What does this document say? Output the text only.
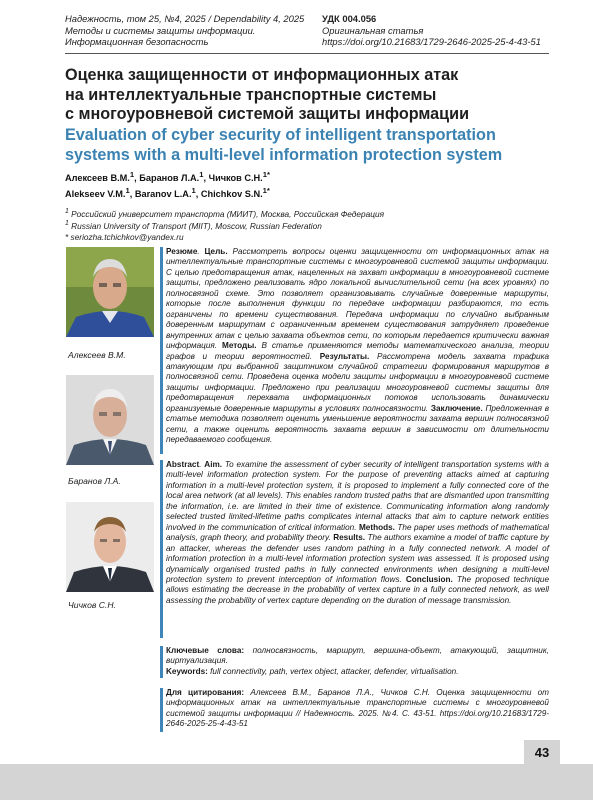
Надежность, том 25, №4, 2025 / Dependability 4, 2025
Методы и системы защиты информации.
Информационная безопасность
УДК 004.056
Оригинальная статья
https://doi.org/10.21683/1729-2646-2025-25-4-43-51
Оценка защищенности от информационных атак
на интеллектуальные транспортные системы
с многоуровневой системой защиты информации
Evaluation of cyber security of intelligent transportation
systems with a multi-level information protection system
Алексеев В.М.$^1$, Баранов Л.А.$^1$, Чичков С.Н.$^{1*}$
Alekseev V.M.$^1$, Baranov L.A.$^1$, Chichkov S.N.$^{1*}$
$^1$ Российский университет транспорта (МИИТ), Москва, Российская Федерация
$^1$ Russian University of Transport (MIIT), Moscow, Russian Federation
* seriozha.tchichkov@yandex.ru
Алексеев В.М.
Баранов Л.А.
Чичков С.Н.
Резюме. Цель. Рассмотреть вопросы оценки защищенности от информационных атак на интеллектуальные транспортные системы с многоуровневой системой защиты информации. С целью предотвращения атак, нацеленных на захват информации в многоуровневой системе защиты, предложено реализовать ядро локальной вычислительной сети (на всех уровнях) по полносвязной схеме. Это позволяет организовывать случайные доверенные маршруты, которые после выполнения функции по передаче информации разбираются, то есть ограничены по времени существования. Передача информации по случайно выбранным доверенным маршрутам с ограниченным временем существования затрудняет проведение внутренних атак с целью захвата объектов сети, по которым передается критически важная информация. Методы. В статье применяются методы математического анализа, теории графов и теории вероятностей. Результаты. Рассмотрена модель захвата трафика атакующим при выбранной защитником случайной стратегии формирования маршрутов в полносвязной сети. Проведена оценка модели защиты информации в многоуровневой системе защиты информации. Предложено при реализации многоуровневой системы защиты для предотвращения перехвата информационных потоков использовать динамически организуемые доверенные маршруты в условиях полносвязности. Заключение. Предложенная в статье методика позволяет оценить уменьшение вероятности захвата вершин полносвязной сети, а также оценить вероятность захвата вершин в зависимости от длительности передаваемого сообщения.
Abstract. Aim. To examine the assessment of cyber security of intelligent transportation systems with a multi-level information protection system. For the purpose of preventing attacks aimed at capturing information in a multi-level protection system, it is proposed to implement a fully connected core of the local area network (at all levels). This enables random trusted paths that are dismantled upon transmitting the information, i.e. are limited in their time of existence. Communicating information along randomly selected trusted limited-lifetime paths complicates internal attacks that aim to capture network entities involved in the communication of critical information. Methods. The paper uses methods of mathematical analysis, graph theory, and probability theory. Results. The authors examine a model of traffic capture by an attacker, whereas the defender uses random pathing in a fully connected network. A model of information protection in a multi-level information protection system was assessed. It is proposed using dynamically organised trusted paths in fully connected environments when designing a multi-level protection system to prevent interception of information flows. Conclusion. The proposed technique allows estimating the decrease in the probability of vertex capture in a fully connected network, as well assessing the probability of vertex capture depending on the duration of message transmission.
Ключевые слова: полносвязность, маршрут, вершина-объект, атакующий, защитник, виртуализация.
Keywords: full connectivity, path, vertex object, attacker, defender, virtualisation.
Для цитирования: Алексеев В.М., Баранов Л.А., Чичков С.Н. Оценка защищенности от информационных атак на интеллектуальные транспортные системы с многоуровневой системой защиты информации // Надежность. 2025. №4. С. 43-51. https://doi.org/10.21683/1729-2646-2025-25-4-43-51
43
